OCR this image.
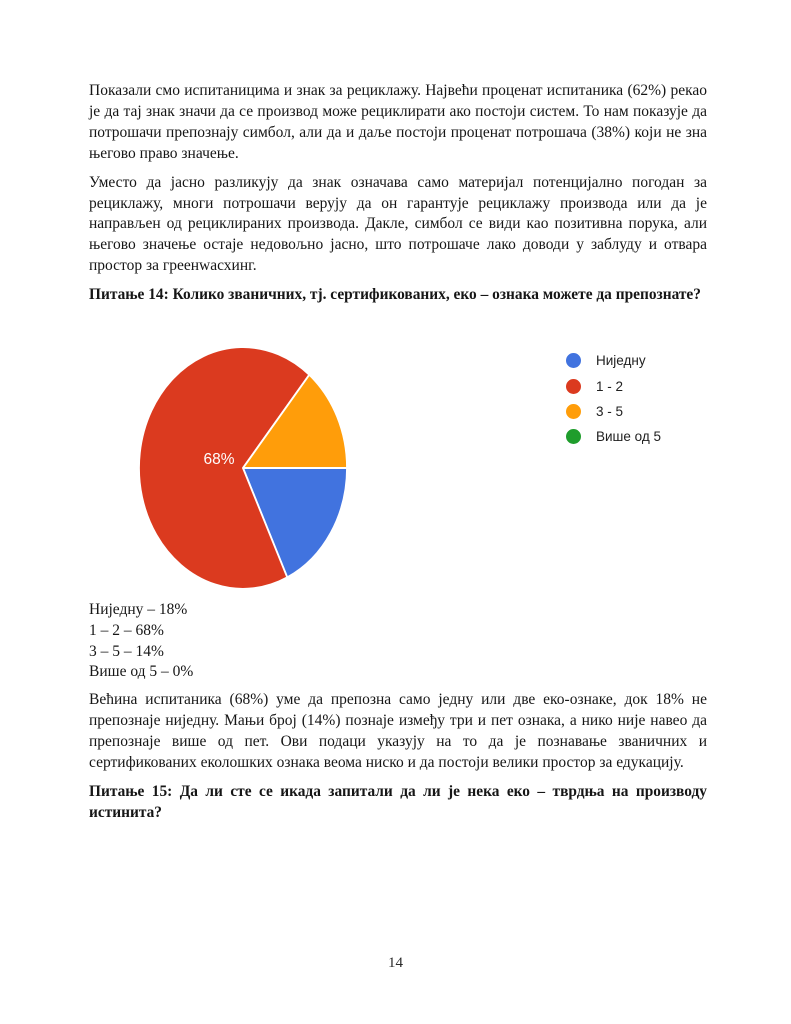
Показали смо испитаницима и знак за рециклажу. Највећи проценат испитаника (62%) рекао је да тај знак значи да се производ може рециклирати ако постоји систем. То нам показује да потрошачи препознају симбол, али да и даље постоји проценат потрошача (38%) који не зна његово право значење.

Уместо да јасно разликују да знак означава само материјал потенцијално погодан за рециклажу, многи потрошачи верују да он гарантује рециклажу производа или да је направљен од рециклираних производа. Дакле, симбол се види као позитивна порука, али његово значење остаје недовољно јасно, што потрошаче лако доводи у заблуду и отвара простор за греенwасхинг.

Питање 14: Колико званичних, тј. сертификованих, еко – ознака можете да препознате?
68%
14%
18%
Ниједну
1 - 2
3 - 5
Више од 5
Ниједну – 18%
1 – 2 – 68%
3 – 5 – 14%
Више од 5 – 0%

Већина испитаника (68%) уме да препозна само једну или две еко-ознаке, док 18% не препознаје ниједну. Мањи број (14%) познаје између три и пет ознака, а нико није навео да препознаје више од пет. Ови подаци указују на то да је познавање званичних и сертификованих еколошких ознака веома ниско и да постоји велики простор за едукацију.

Питање 15: Да ли сте се икада запитали да ли је нека еко – тврдња на производу истинита?
14
